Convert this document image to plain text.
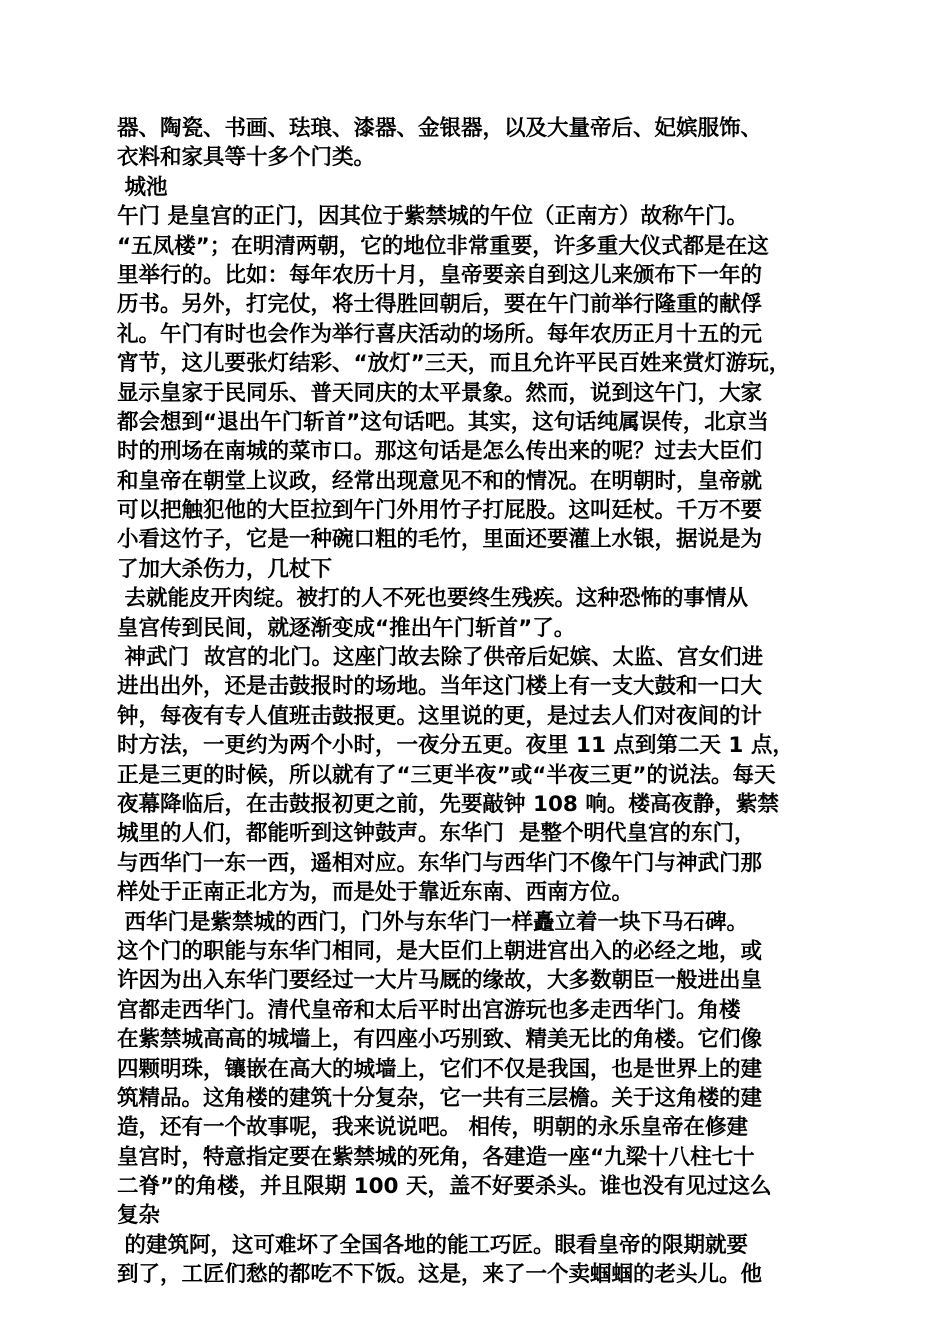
器、陶瓷、书画、珐琅、漆器、金银器，以及大量帝后、妃嫔服饰、
衣料和家具等十多个门类。
城池
午门 是皇宫的正门，因其位于紫禁城的午位（正南方）故称午门。
“五凤楼”；在明清两朝，它的地位非常重要，许多重大仪式都是在这
里举行的。比如：每年农历十月，皇帝要亲自到这儿来颁布下一年的
历书。另外，打完仗，将士得胜回朝后，要在午门前举行隆重的献俘
礼。午门有时也会作为举行喜庆活动的场所。每年农历正月十五的元
宵节，这儿要张灯结彩、“放灯”三天，而且允许平民百姓来赏灯游玩，
显示皇家于民同乐、普天同庆的太平景象。然而，说到这午门，大家
都会想到“退出午门斩首”这句话吧。其实，这句话纯属误传，北京当
时的刑场在南城的菜市口。那这句话是怎么传出来的呢？过去大臣们
和皇帝在朝堂上议政，经常出现意见不和的情况。在明朝时，皇帝就
可以把触犯他的大臣拉到午门外用竹子打屁股。这叫廷杖。千万不要
小看这竹子，它是一种碗口粗的毛竹，里面还要灌上水银，据说是为
了加大杀伤力，几杖下
去就能皮开肉绽。被打的人不死也要终生残疾。这种恐怖的事情从
皇宫传到民间，就逐渐变成“推出午门斩首”了。
神武门  故宫的北门。这座门故去除了供帝后妃嫔、太监、宫女们进
进出出外，还是击鼓报时的场地。当年这门楼上有一支大鼓和一口大
钟，每夜有专人值班击鼓报更。这里说的更，是过去人们对夜间的计
时方法，一更约为两个小时，一夜分五更。夜里 11 点到第二天 1 点，
正是三更的时候，所以就有了“三更半夜”或“半夜三更”的说法。每天
夜幕降临后，在击鼓报初更之前，先要敲钟 108 响。楼高夜静，紫禁
城里的人们，都能听到这钟鼓声。东华门  是整个明代皇宫的东门，
与西华门一东一西，遥相对应。东华门与西华门不像午门与神武门那
样处于正南正北方为，而是处于靠近东南、西南方位。
西华门是紫禁城的西门，门外与东华门一样矗立着一块下马石碑。
这个门的职能与东华门相同，是大臣们上朝进宫出入的必经之地，或
许因为出入东华门要经过一大片马厩的缘故，大多数朝臣一般进出皇
宫都走西华门。清代皇帝和太后平时出宫游玩也多走西华门。角楼
在紫禁城高高的城墙上，有四座小巧别致、精美无比的角楼。它们像
四颗明珠，镶嵌在高大的城墙上，它们不仅是我国，也是世界上的建
筑精品。这角楼的建筑十分复杂，它一共有三层檐。关于这角楼的建
造，还有一个故事呢，我来说说吧。 相传，明朝的永乐皇帝在修建
皇宫时，特意指定要在紫禁城的死角，各建造一座“九梁十八柱七十
二脊”的角楼，并且限期 100 天，盖不好要杀头。谁也没有见过这么
复杂
的建筑阿，这可难坏了全国各地的能工巧匠。眼看皇帝的限期就要
到了，工匠们愁的都吃不下饭。这是，来了一个卖蝈蝈的老头儿。他
